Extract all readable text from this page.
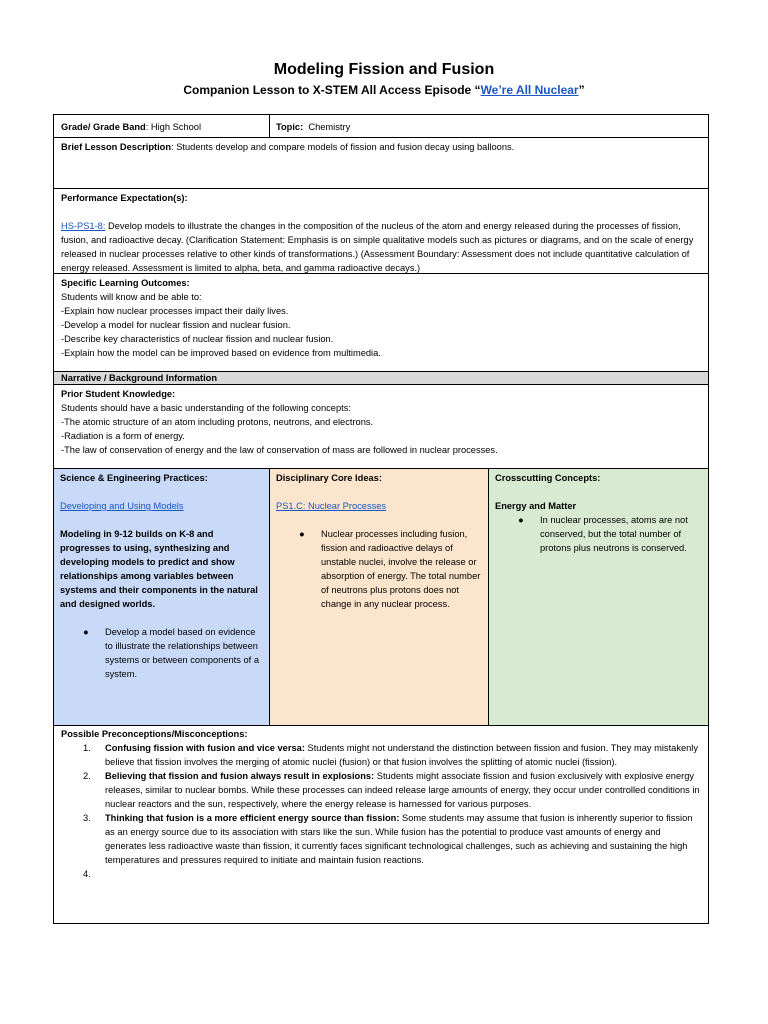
Modeling Fission and Fusion
Companion Lesson to X-STEM All Access Episode “We’re All Nuclear”
Grade/ Grade Band: High School	Topic: Chemistry
Brief Lesson Description: Students develop and compare models of fission and fusion decay using balloons.
Performance Expectation(s):
HS-PS1-8: Develop models to illustrate the changes in the composition of the nucleus of the atom and energy released during the processes of fission, fusion, and radioactive decay. (Clarification Statement: Emphasis is on simple qualitative models such as pictures or diagrams, and on the scale of energy released in nuclear processes relative to other kinds of transformations.) (Assessment Boundary: Assessment does not include quantitative calculation of energy released. Assessment is limited to alpha, beta, and gamma radioactive decays.)
Specific Learning Outcomes:
Students will know and be able to:
-Explain how nuclear processes impact their daily lives.
-Develop a model for nuclear fission and nuclear fusion.
-Describe key characteristics of nuclear fission and nuclear fusion.
-Explain how the model can be improved based on evidence from multimedia.
Narrative / Background Information
Prior Student Knowledge:
Students should have a basic understanding of the following concepts:
-The atomic structure of an atom including protons, neutrons, and electrons.
-Radiation is a form of energy.
-The law of conservation of energy and the law of conservation of mass are followed in nuclear processes.
Science & Engineering Practices:
Developing and Using Models
Modeling in 9-12 builds on K-8 and progresses to using, synthesizing and developing models to predict and show relationships among variables between systems and their components in the natural and designed worlds.
● Develop a model based on evidence to illustrate the relationships between systems or between components of a system.
Disciplinary Core Ideas:
PS1.C: Nuclear Processes
● Nuclear processes including fusion, fission and radioactive delays of unstable nuclei, involve the release or absorption of energy. The total number of neutrons plus protons does not change in any nuclear process.
Crosscutting Concepts:
Energy and Matter
● In nuclear processes, atoms are not conserved, but the total number of protons plus neutrons is conserved.
Possible Preconceptions/Misconceptions:
1. Confusing fission with fusion and vice versa: Students might not understand the distinction between fission and fusion. They may mistakenly believe that fission involves the merging of atomic nuclei (fusion) or that fusion involves the splitting of atomic nuclei (fission).
2. Believing that fission and fusion always result in explosions: Students might associate fission and fusion exclusively with explosive energy releases, similar to nuclear bombs. While these processes can indeed release large amounts of energy, they occur under controlled conditions in nuclear reactors and the sun, respectively, where the energy release is harnessed for various purposes.
3. Thinking that fusion is a more efficient energy source than fission: Some students may assume that fusion is inherently superior to fission as an energy source due to its association with stars like the sun. While fusion has the potential to produce vast amounts of energy and generates less radioactive waste than fission, it currently faces significant technological challenges, such as achieving and sustaining the high temperatures and pressures required to initiate and maintain fusion reactions.
4.
